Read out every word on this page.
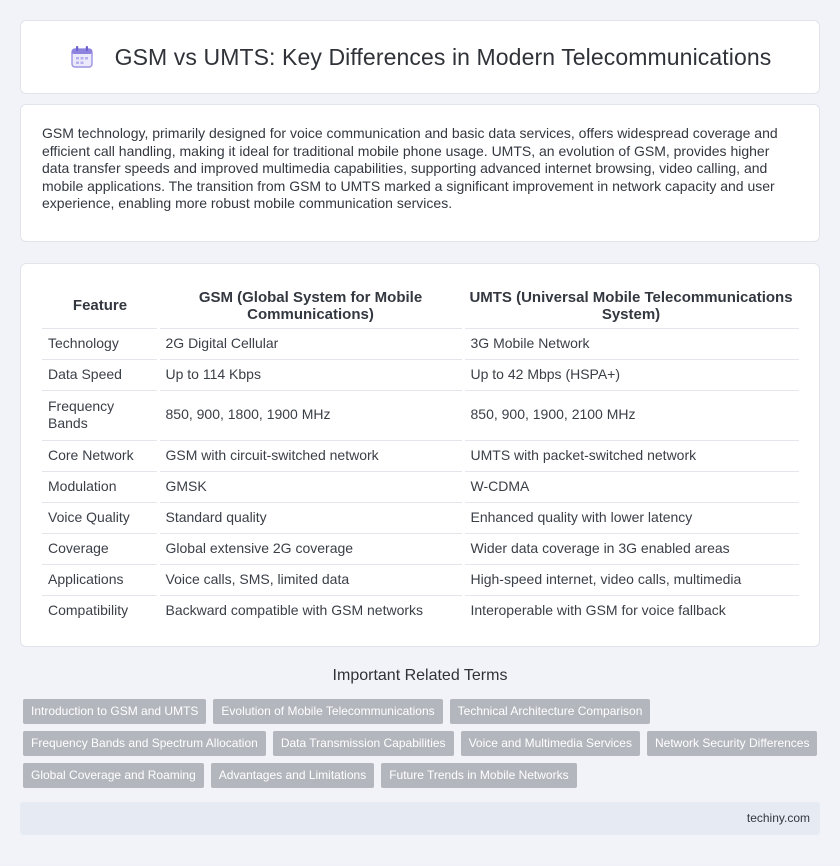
GSM vs UMTS: Key Differences in Modern Telecommunications

GSM technology, primarily designed for voice communication and basic data services, offers widespread coverage and efficient call handling, making it ideal for traditional mobile phone usage. UMTS, an evolution of GSM, provides higher data transfer speeds and improved multimedia capabilities, supporting advanced internet browsing, video calling, and mobile applications. The transition from GSM to UMTS marked a significant improvement in network capacity and user experience, enabling more robust mobile communication services.

Feature	GSM (Global System for Mobile Communications)	UMTS (Universal Mobile Telecommunications System)
Technology	2G Digital Cellular	3G Mobile Network
Data Speed	Up to 114 Kbps	Up to 42 Mbps (HSPA+)
Frequency Bands	850, 900, 1800, 1900 MHz	850, 900, 1900, 2100 MHz
Core Network	GSM with circuit-switched network	UMTS with packet-switched network
Modulation	GMSK	W-CDMA
Voice Quality	Standard quality	Enhanced quality with lower latency
Coverage	Global extensive 2G coverage	Wider data coverage in 3G enabled areas
Applications	Voice calls, SMS, limited data	High-speed internet, video calls, multimedia
Compatibility	Backward compatible with GSM networks	Interoperable with GSM for voice fallback
Important Related Terms
Introduction to GSM and UMTS	Evolution of Mobile Telecommunications	Technical Architecture Comparison
Frequency Bands and Spectrum Allocation	Data Transmission Capabilities	Voice and Multimedia Services	Network Security Differences
Global Coverage and Roaming	Advantages and Limitations	Future Trends in Mobile Networks
techiny.com
